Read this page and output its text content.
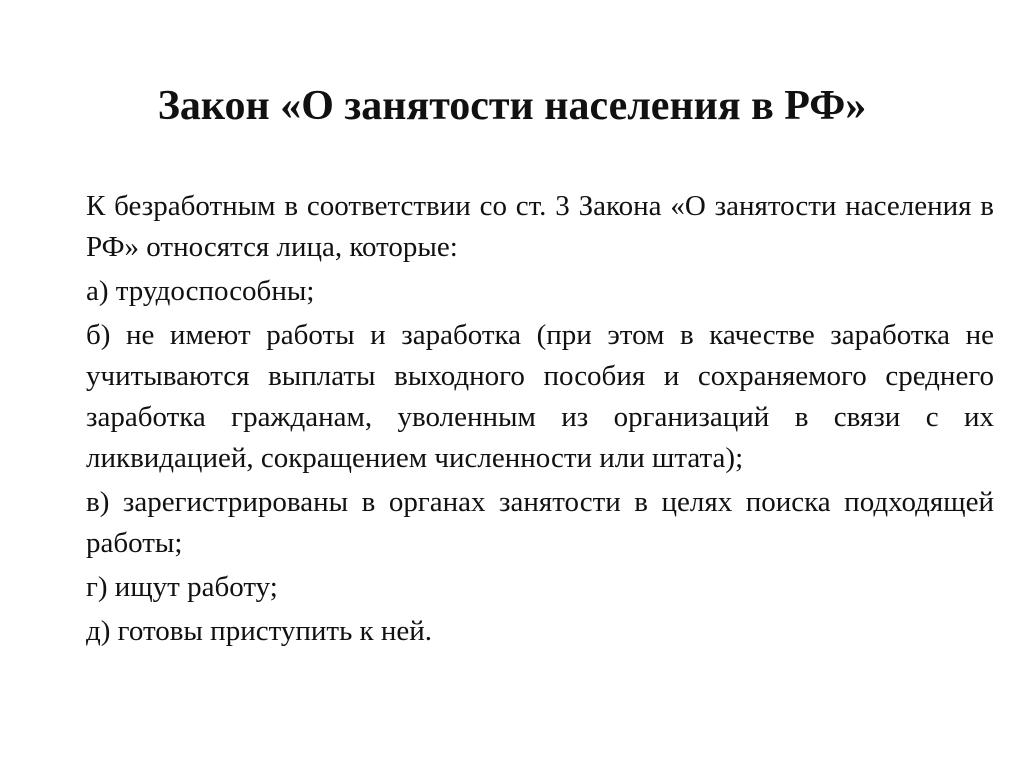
Закон «О занятости населения в РФ»

К безработным в соответствии со ст. 3 Закона «О занятости населения в РФ» относятся лица, которые:

а) трудоспособны;

б) не имеют работы и заработка (при этом в качестве заработка не учитываются выплаты выходного пособия и сохраняемого среднего заработка гражданам, уволенным из организаций в связи с их ликвидацией, сокращением численности или штата);

в) зарегистрированы в органах занятости в целях поиска подходящей работы;

г) ищут работу;

д) готовы приступить к ней.
